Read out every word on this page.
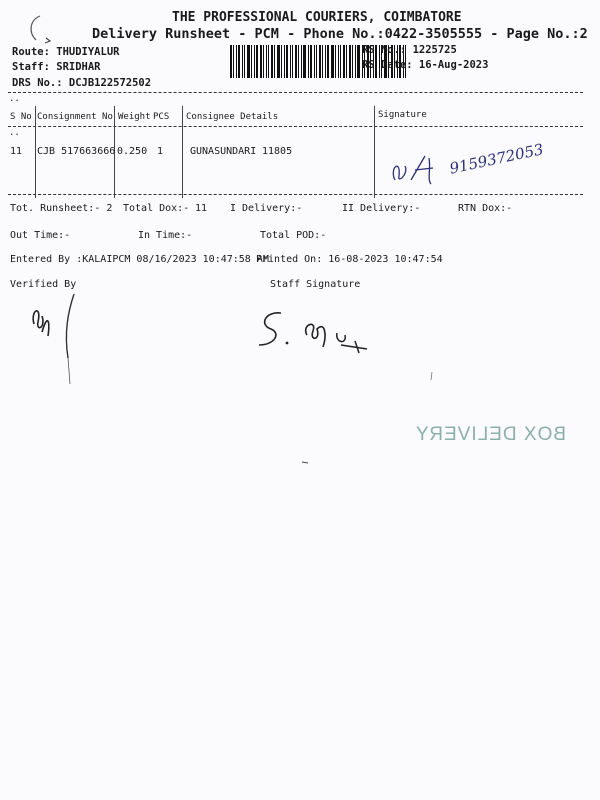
THE PROFESSIONAL COURIERS, COIMBATORE
Delivery Runsheet - PCM - Phone No.:0422-3505555 - Page No.:2
Route: THUDIYALUR
Staff: SRIDHAR
DRS No.: DCJB122572502
RS No.: 1225725
RS Date: 16-Aug-2023
..
S No Consignment No Weight PCS Consignee Details	Signature
..
11 CJB 517663666 0.250 1	GUNASUNDARI 11805	9159372053
Tot. Runsheet:- 2 Total Dox:- 11 I Delivery:-	II Delivery:-	RTN Dox:-
Out Time:-	In Time:-	Total POD:-
Entered By :KALAIPCM 08/16/2023 10:47:58 AM
Printed On: 16-08-2023 10:47:54
Verified By	Staff Signature
BOX DELIVERY
